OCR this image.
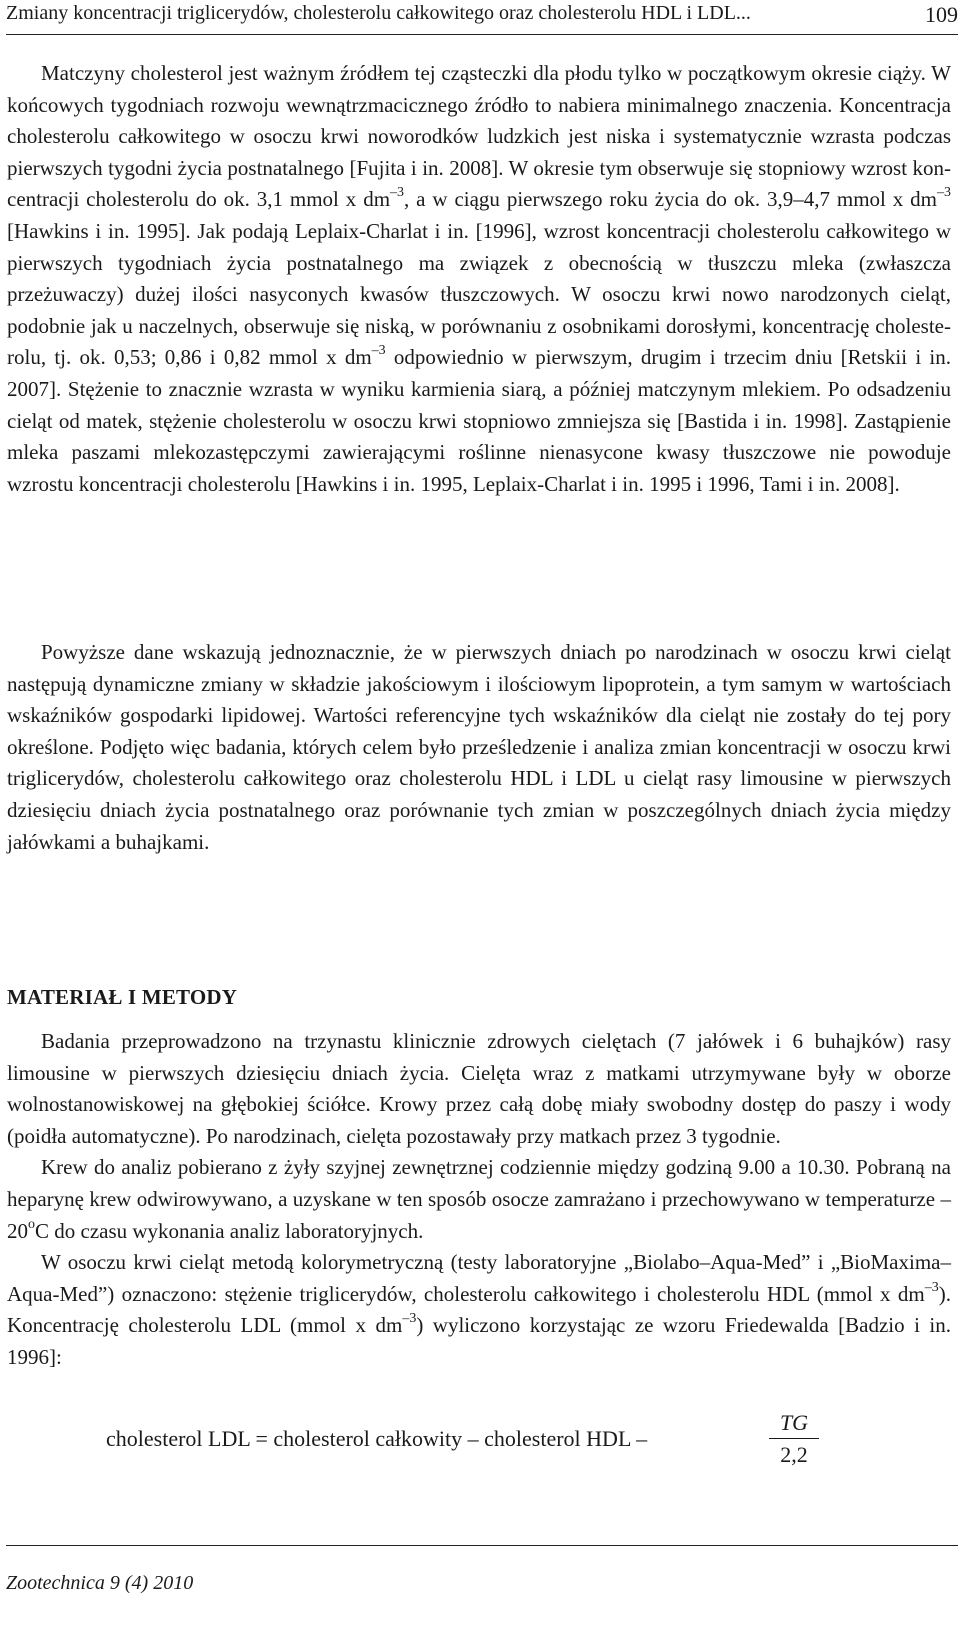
Zmiany koncentracji triglicerydów, cholesterolu całkowitego oraz cholesterolu HDL i LDL...	109

Matczyny cholesterol jest ważnym źródłem tej cząsteczki dla płodu tylko w początkowym okresie ciąży. W końcowych tygodniach rozwoju wewnątrzmacicznego źródło to nabiera minimalnego znaczenia. Koncentracja cholesterolu całkowitego w osoczu krwi noworodków ludzkich jest niska i systematycznie wzrasta podczas pierwszych tygodni życia postnatalnego [Fujita i in. 2008]. W okresie tym obserwuje się stopniowy wzrost koncentracji cholesterolu do ok. 3,1 mmol x $dm^{-3}$, a w ciągu pierwszego roku życia do ok. 3,9–4,7 mmol x $dm^{-3}$ [Hawkins i in. 1995]. Jak podają Leplaix-Charlat i in. [1996], wzrost koncentracji cholesterolu całkowitego w pierwszych tygodniach życia postnatalnego ma związek z obecnością w tłuszczu mleka (zwłaszcza przeżuwaczy) dużej ilości nasyconych kwasów tłuszczowych. W osoczu krwi nowo narodzonych cieląt, podobnie jak u naczelnych, obserwuje się niską, w porównaniu z osobnikami dorosłymi, koncentrację cholesterolu, tj. ok. 0,53; 0,86 i 0,82 mmol x $dm^{-3}$ odpowiednio w pierwszym, drugim i trzecim dniu [Retskii i in. 2007]. Stężenie to znacznie wzrasta w wyniku karmienia siarą, a później matczynym mlekiem. Po odsadzeniu cieląt od matek, stężenie cholesterolu w osoczu krwi stopniowo zmniejsza się [Bastida i in. 1998]. Zastąpienie mleka paszami mlekozastępczymi zawierającymi roślinne nienasycone kwasy tłuszczowe nie powoduje wzrostu koncentracji cholesterolu [Hawkins i in. 1995, Leplaix-Charlat i in. 1995 i 1996, Tami i in. 2008].

Powyższe dane wskazują jednoznacznie, że w pierwszych dniach po narodzinach w osoczu krwi cieląt następują dynamiczne zmiany w składzie jakościowym i ilościowym lipoprotein, a tym samym w wartościach wskaźników gospodarki lipidowej. Wartości referencyjne tych wskaźników dla cieląt nie zostały do tej pory określone. Podjęto więc badania, których celem było prześledzenie i analiza zmian koncentracji w osoczu krwi triglicerydów, cholesterolu całkowitego oraz cholesterolu HDL i LDL u cieląt rasy limousine w pierwszych dziesięciu dniach życia postnatalnego oraz porównanie tych zmian w poszczególnych dniach życia między jałówkami a buhajkami.

MATERIAŁ I METODY

Badania przeprowadzono na trzynastu klinicznie zdrowych cielętach (7 jałówek i 6 buhajków) rasy limousine w pierwszych dziesięciu dniach życia. Cielęta wraz z matkami utrzymywane były w oborze wolnostanowiskowej na głębokiej ściółce. Krowy przez całą dobę miały swobodny dostęp do paszy i wody (poidła automatyczne). Po narodzinach, cielęta pozostawały przy matkach przez 3 tygodnie.

Krew do analiz pobierano z żyły szyjnej zewnętrznej codziennie między godziną 9.00 a 10.30. Pobraną na heparynę krew odwirowywano, a uzyskane w ten sposób osocze zamrażano i przechowywano w temperaturze –20$^o$C do czasu wykonania analiz laboratoryjnych.

W osoczu krwi cieląt metodą kolorymetryczną (testy laboratoryjne „Biolabo–Aqua-Med” i „BioMaxima–Aqua-Med”) oznaczono: stężenie triglicerydów, cholesterolu całkowitego i cholesterolu HDL (mmol x $dm^{-3}$). Koncentrację cholesterolu LDL (mmol x $dm^{-3}$) wyliczono korzystając ze wzoru Friedewalda [Badzio i in. 1996]:

cholesterol LDL = cholesterol całkowity – cholesterol HDL –
TG
2,2
Zootechnica 9 (4) 2010
